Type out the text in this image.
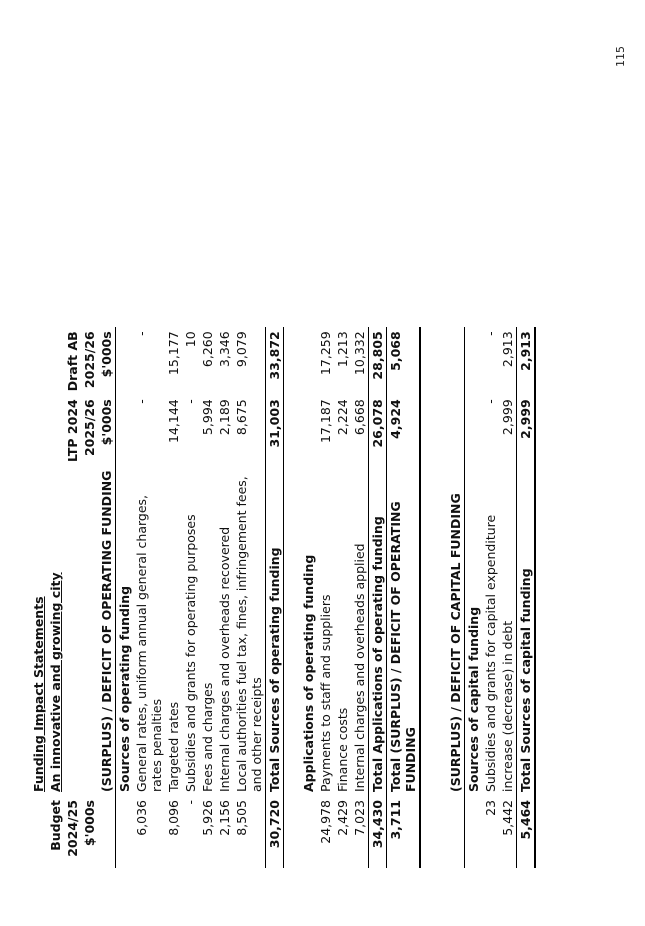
115
	Funding Impact Statements		
Budget	An innovative and growing city		
2024/25		LTP 2024	Draft AB
$'000s		2025/26	2025/26
	(SURPLUS) / DEFICIT OF OPERATING FUNDING	$'000s	$'000s
	Sources of operating funding		
6,036	General rates, uniform annual general charges, rates penalties	-	-
8,096	Targeted rates	14,144	15,177
-	Subsidies and grants for operating purposes	-	10
5,926	Fees and charges	5,994	6,260
2,156	Internal charges and overheads recovered	2,189	3,346
8,505	Local authorities fuel tax, fines, infringement fees, and other receipts	8,675	9,079
30,720	Total Sources of operating funding	31,003	33,872

	Applications of operating funding		
24,978	Payments to staff and suppliers	17,187	17,259
2,429	Finance costs	2,224	1,213
7,023	Internal charges and overheads applied	6,668	10,332
34,430	Total Applications of operating funding	26,078	28,805
3,711	Total (SURPLUS) / DEFICIT OF OPERATING FUNDING	4,924	5,068

	(SURPLUS) / DEFICIT OF CAPITAL FUNDING		
	Sources of capital funding		
23	Subsidies and grants for capital expenditure	-	-
5,442	increase (decrease) in debt	2,999	2,913
5,464	Total Sources of capital funding	2,999	2,913
